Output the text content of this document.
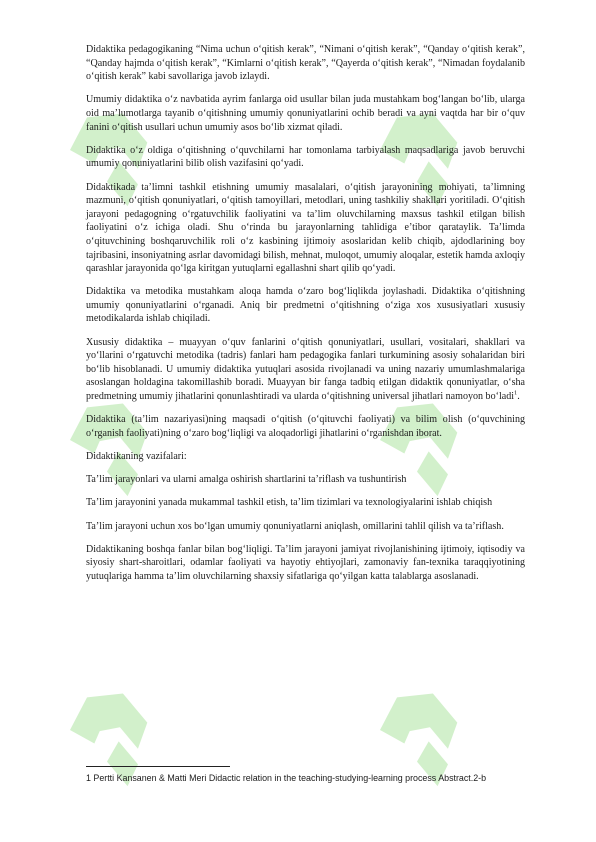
Didaktika pedagogikaning “Nima uchun o‘qitish kerak”, “Nimani o‘qitish kerak”, “Qanday o‘qitish kerak”, “Qanday hajmda o‘qitish kerak”, “Kimlarni o‘qitish kerak”, “Qayerda o‘qitish kerak”, “Nimadan foydalanib o‘qitish kerak” kabi savollariga javob izlaydi.

Umumiy didaktika o‘z navbatida ayrim fanlarga oid usullar bilan juda mustahkam bog‘langan bo‘lib, ularga oid ma’lumotlarga tayanib o‘qitishning umumiy qonuniyatlarini ochib beradi va ayni vaqtda har bir o‘quv fanini o‘qitish usullari uchun umumiy asos bo‘lib xizmat qiladi.

Didaktika o‘z oldiga o‘qitishning o‘quvchilarni har tomonlama tarbiyalash maqsadlariga javob beruvchi umumiy qonuniyatlarini bilib olish vazifasini qo‘yadi.

Didaktikada ta’limni tashkil etishning umumiy masalalari, o‘qitish jarayonining mohiyati, ta’limning mazmuni, o‘qitish qonuniyatlari, o‘qitish tamoyillari, metodlari, uning tashkiliy shakllari yoritiladi. O‘qitish jarayoni pedagogning o‘rgatuvchilik faoliyatini va ta’lim oluvchilarning maxsus tashkil etilgan bilish faoliyatini o‘z ichiga oladi. Shu o‘rinda bu jarayonlarning tahlidiga e’tibor qarataylik. Ta’limda o‘qituvchining boshqaruvchilik roli o‘z kasbining ijtimoiy asoslaridan kelib chiqib, ajdodlarining boy tajribasini, insoniyatning asrlar davomidagi bilish, mehnat, muloqot, umumiy aloqalar, estetik hamda axloqiy qarashlar jarayonida qo‘lga kiritgan yutuqlarni egallashni shart qilib qo‘yadi.

Didaktika va metodika mustahkam aloqa hamda o‘zaro bog‘liqlikda joylashadi. Didaktika o‘qitishning umumiy qonuniyatlarini o‘rganadi. Aniq bir predmetni o‘qitishning o‘ziga xos xususiyatlari xususiy metodikalarda ishlab chiqiladi.

Xususiy didaktika – muayyan o‘quv fanlarini o‘qitish qonuniyatlari, usullari, vositalari, shakllari va yo‘llarini o‘rgatuvchi metodika (tadris) fanlari ham pedagogika fanlari turkumining asosiy sohalaridan biri bo‘lib hisoblanadi. U umumiy didaktika yutuqlari asosida rivojlanadi va uning nazariy umumlashmalariga asoslangan holdagina takomillashib boradi. Muayyan bir fanga tadbiq etilgan didaktik qonuniyatlar, o‘sha predmetning umumiy jihatlarini qonunlashtiradi va ularda o‘qitishning universal jihatlari namoyon bo‘ladi$^1$.

Didaktika (ta’lim nazariyasi)ning maqsadi o‘qitish (o‘qituvchi faoliyati) va bilim olish (o‘quvchining o‘rganish faoliyati)ning o‘zaro bog‘liqligi va aloqadorligi jihatlarini o‘rganishdan iborat.

Didaktikaning vazifalari:

Ta’lim jarayonlari va ularni amalga oshirish shartlarini ta’riflash va tushuntirish

Ta’lim jarayonini yanada mukammal tashkil etish, ta’lim tizimlari va texnologiyalarini ishlab chiqish

Ta’lim jarayoni uchun xos bo‘lgan umumiy qonuniyatlarni aniqlash, omillarini tahlil qilish va ta’riflash.

Didaktikaning boshqa fanlar bilan bog‘liqligi. Ta’lim jarayoni jamiyat rivojlanishining ijtimoiy, iqtisodiy va siyosiy shart-sharoitlari, odamlar faoliyati va hayotiy ehtiyojlari, zamonaviy fan-texnika taraqqiyotining yutuqlariga hamma ta’lim oluvchilarning shaxsiy sifatlariga qo‘yilgan katta talablarga asoslanadi.

1 Pertti Kansanen & Matti Meri Didactic relation in the teaching-studying-learning process Abstract.2-b
